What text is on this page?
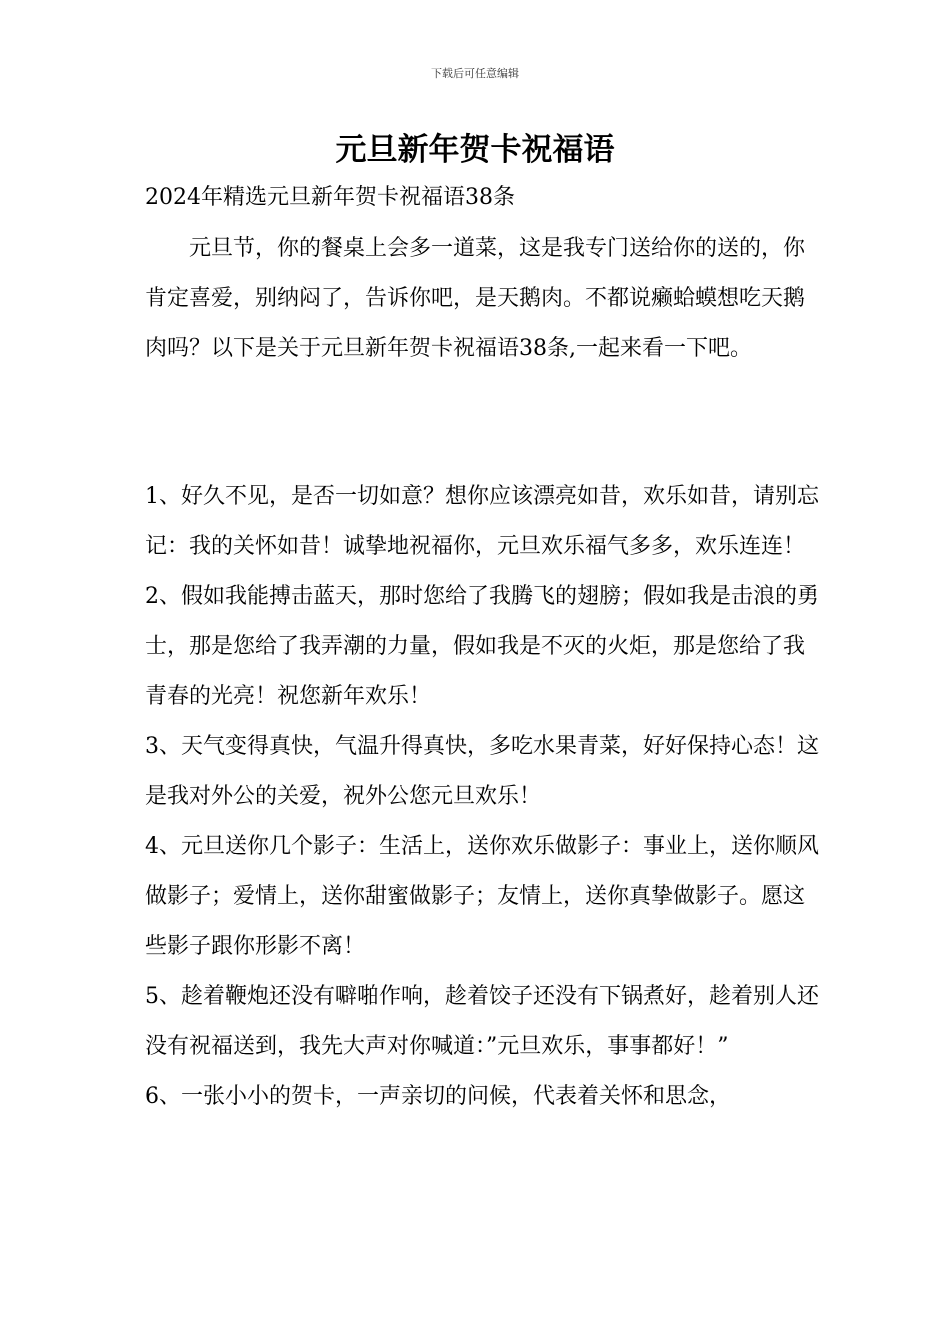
下载后可任意编辑
元旦新年贺卡祝福语
2024年精选元旦新年贺卡祝福语38条

元旦节，你的餐桌上会多一道菜，这是我专门送给你的送的，你肯定喜爱，别纳闷了，告诉你吧，是天鹅肉。不都说癞蛤蟆想吃天鹅肉吗？以下是关于元旦新年贺卡祝福语38条,一起来看一下吧。

1、好久不见，是否一切如意？想你应该漂亮如昔，欢乐如昔，请别忘记：我的关怀如昔！诚挚地祝福你，元旦欢乐福气多多，欢乐连连！

2、假如我能搏击蓝天，那时您给了我腾飞的翅膀；假如我是击浪的勇士，那是您给了我弄潮的力量，假如我是不灭的火炬，那是您给了我青春的光亮！祝您新年欢乐！

3、天气变得真快，气温升得真快，多吃水果青菜，好好保持心态！这是我对外公的关爱，祝外公您元旦欢乐！

4、元旦送你几个影子：生活上，送你欢乐做影子：事业上，送你顺风做影子；爱情上，送你甜蜜做影子；友情上，送你真挚做影子。愿这些影子跟你形影不离！

5、趁着鞭炮还没有噼啪作响，趁着饺子还没有下锅煮好，趁着别人还没有祝福送到，我先大声对你喊道：”元旦欢乐，事事都好！”

6、一张小小的贺卡，一声亲切的问候，代表着关怀和思念，
